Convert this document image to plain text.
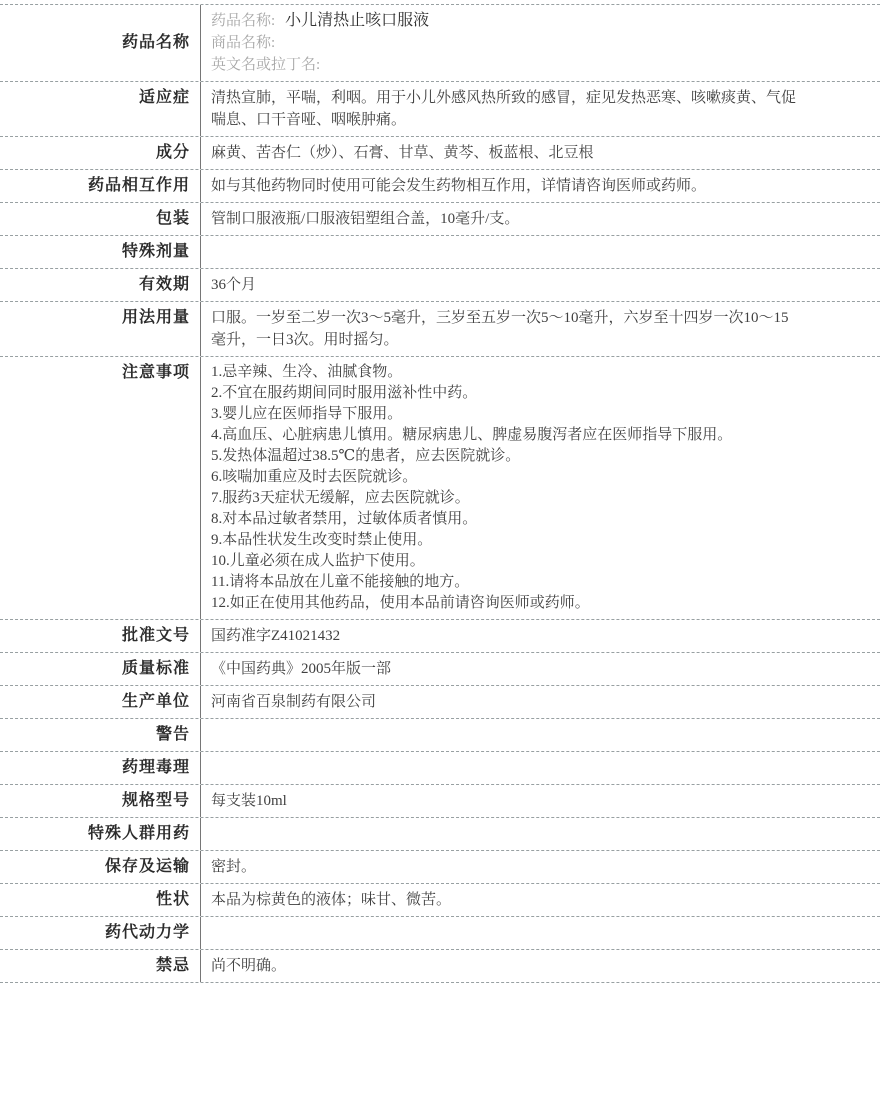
药品名称
药品名称: 小儿清热止咳口服液
商品名称:
英文名或拉丁名:
适应症 清热宣肺，平喘，利咽。用于小儿外感风热所致的感冒，症见发热恶寒、咳嗽痰黄、气促喘息、口干音哑、咽喉肿痛。
成分 麻黄、苦杏仁（炒）、石膏、甘草、黄芩、板蓝根、北豆根
药品相互作用 如与其他药物同时使用可能会发生药物相互作用，详情请咨询医师或药师。
包装 管制口服液瓶/口服液铝塑组合盖，10毫升/支。
特殊剂量
有效期 36个月
用法用量 口服。一岁至二岁一次3～5毫升，三岁至五岁一次5～10毫升，六岁至十四岁一次10～15毫升，一日3次。用时摇匀。
注意事项 1.忌辛辣、生冷、油腻食物。
2.不宜在服药期间同时服用滋补性中药。
3.婴儿应在医师指导下服用。
4.高血压、心脏病患儿慎用。糖尿病患儿、脾虚易腹泻者应在医师指导下服用。
5.发热体温超过38.5℃的患者，应去医院就诊。
6.咳喘加重应及时去医院就诊。
7.服药3天症状无缓解，应去医院就诊。
8.对本品过敏者禁用，过敏体质者慎用。
9.本品性状发生改变时禁止使用。
10.儿童必须在成人监护下使用。
11.请将本品放在儿童不能接触的地方。
12.如正在使用其他药品，使用本品前请咨询医师或药师。
批准文号 国药准字Z41021432
质量标准 《中国药典》2005年版一部
生产单位 河南省百泉制药有限公司
警告
药理毒理
规格型号 每支装10ml
特殊人群用药
保存及运输 密封。
性状 本品为棕黄色的液体；味甘、微苦。
药代动力学
禁忌 尚不明确。
